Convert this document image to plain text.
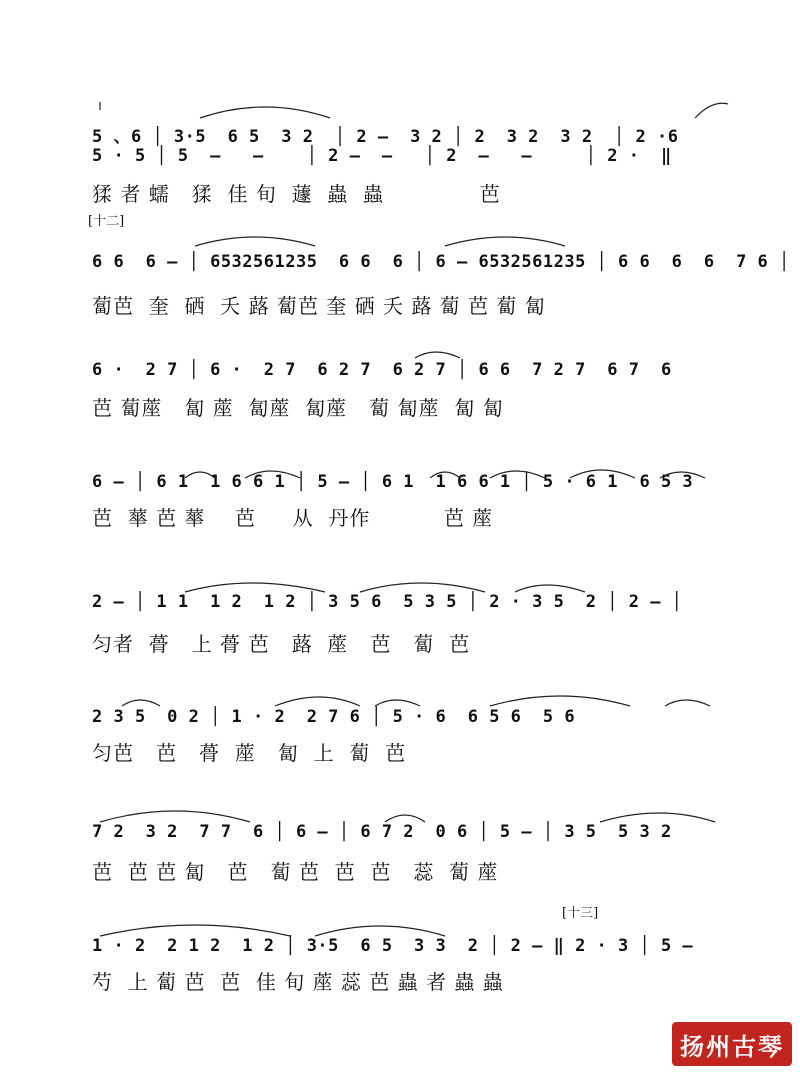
5 、6 │ 3·5  6 5  3 2  │ 2 —  3 2 │ 2  3 2  3 2  │ 2 ·6
5 · 5 │ 5  —   —    │ 2 —  —   │ 2  —   —     │ 2 ·  ‖
猱 者 蠕   猱  佳 旬  蘧  蟲  蟲             芭
[十二]
6 6  6 — │ 6532561235  6 6  6 │ 6 — 6532561235 │ 6 6  6  6  7 6 │
蔔芭  奎  硒  夭 蕗 蔔芭 奎 硒 夭 蕗 蔔 芭 蔔 匐
6 ·  2 7 │ 6 ·  2 7  6 2 7  6 2 7 │ 6 6  7 2 7  6 7  6
芭 蔔蓙   匐 蓙  匐蓙  匐蓙   蔔 匐蓙  匐 匐
6 — │ 6 1  1 6 6 1 │ 5 — │ 6 1  1 6 6 1 │ 5 · 6 1  6 5 3
芭  蕐 芭 蕐    芭     从  丹作          芭 蓙
2 — │ 1 1  1 2  1 2 │ 3 5 6  5 3 5 │ 2 · 3 5  2 │ 2 — │
匀者  蓇   上 蓇 芭   蕗  蓙   芭   蔔  芭
2 3 5  0 2 │ 1 · 2  2 7 6 │ 5 · 6  6 5 6  5 6
匀芭   芭   蓇  蓙   匐  上  蔔  芭
7 2  3 2  7 7  6 │ 6 — │ 6 7 2  0 6 │ 5 — │ 3 5  5 3 2
芭  芭 芭 匐   芭   蔔 芭  芭  芭   蕊  蔔 蓙
[十三]
1 · 2  2 1 2  1 2 │ 3·5  6 5  3 3  2 │ 2 — ‖ 2 · 3 │ 5 —
芍  上 蔔 芭  芭  佳 旬 蓙 蕊 芭 蟲 者 蟲 蟲
扬州古琴
